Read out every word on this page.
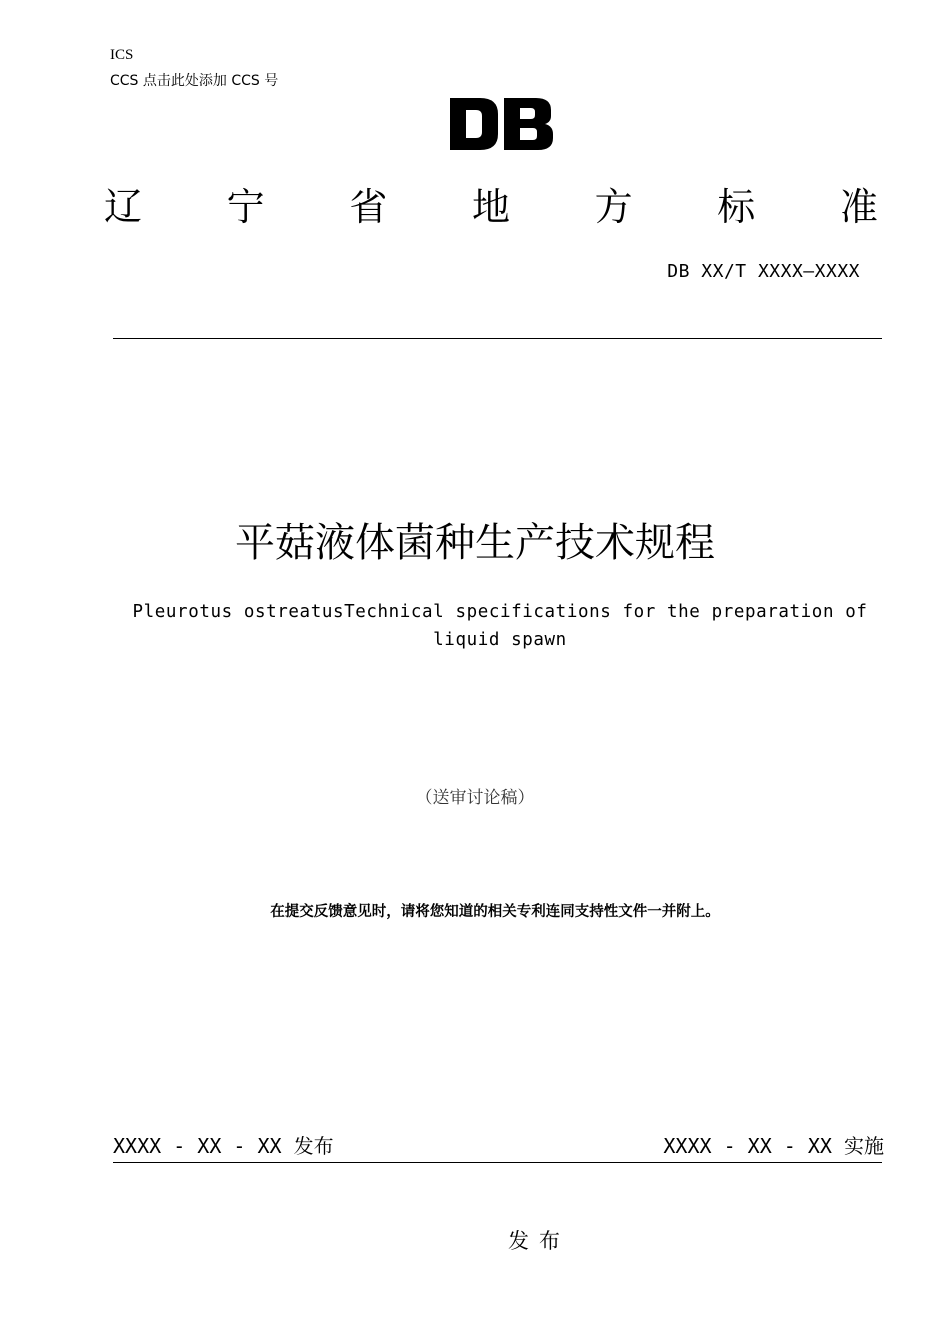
ICS
CCS 点击此处添加 CCS 号
辽 宁 省 地 方 标 准
DB XX/T XXXX—XXXX
平菇液体菌种生产技术规程
Pleurotus ostreatusTechnical specifications for the preparation of
liquid spawn
（送审讨论稿）
在提交反馈意见时，请将您知道的相关专利连同支持性文件一并附上。
XXXX - XX - XX 发布	XXXX - XX - XX 实施
发布
